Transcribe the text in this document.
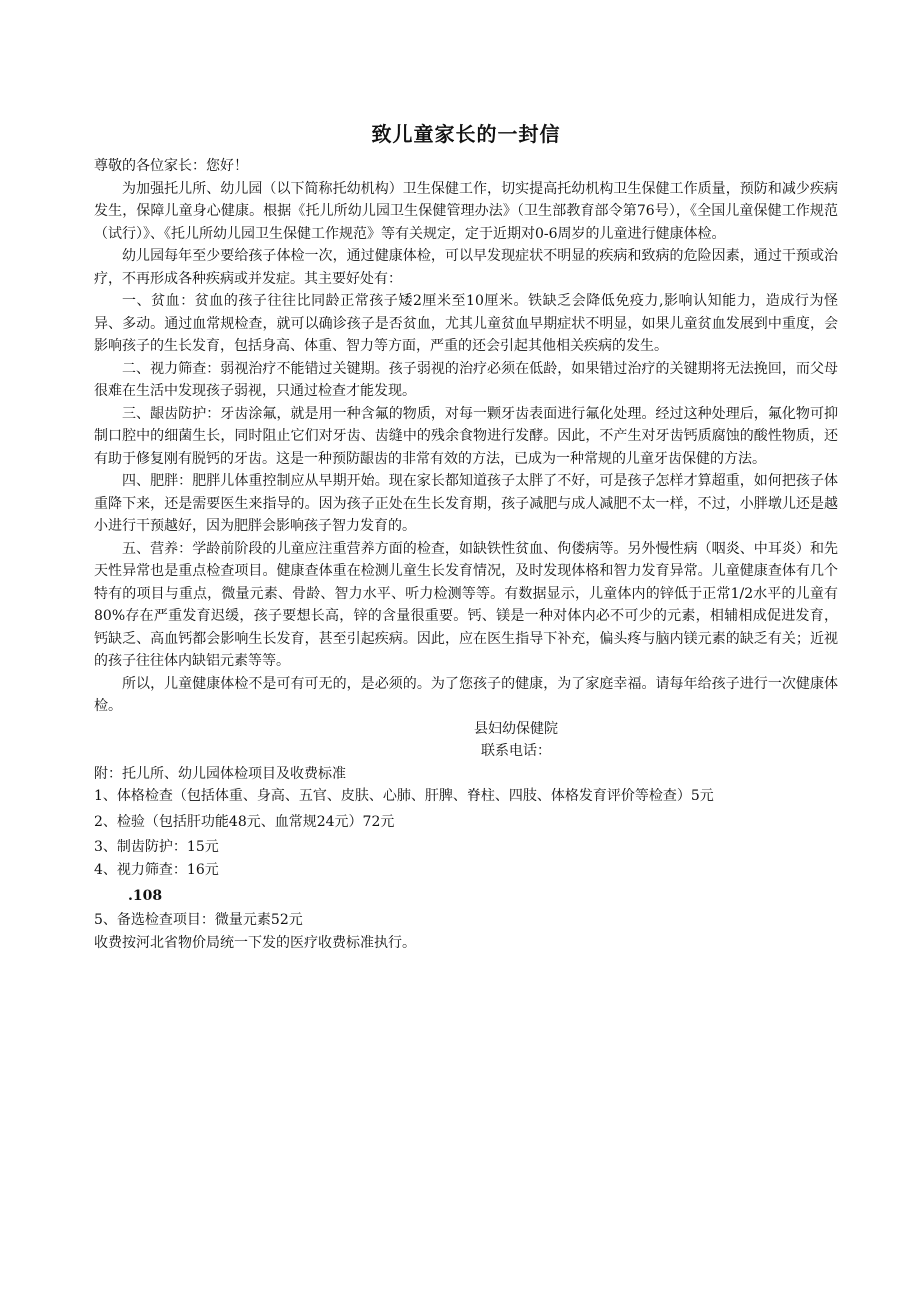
致儿童家长的一封信

尊敬的各位家长：您好！

为加强托儿所、幼儿园（以下简称托幼机构）卫生保健工作，切实提高托幼机构卫生保健工作质量，预防和减少疾病发生，保障儿童身心健康。根据《托儿所幼儿园卫生保健管理办法》（卫生部教育部令第76号），《全国儿童保健工作规范（试行）》、《托儿所幼儿园卫生保健工作规范》等有关规定，定于近期对0-6周岁的儿童进行健康体检。

幼儿园每年至少要给孩子体检一次，通过健康体检，可以早发现症状不明显的疾病和致病的危险因素，通过干预或治疗，不再形成各种疾病或并发症。其主要好处有：

一、贫血：贫血的孩子往往比同龄正常孩子矮2厘米至10厘米。铁缺乏会降低免疫力,影响认知能力，造成行为怪异、多动。通过血常规检查，就可以确诊孩子是否贫血，尤其儿童贫血早期症状不明显，如果儿童贫血发展到中重度，会影响孩子的生长发育，包括身高、体重、智力等方面，严重的还会引起其他相关疾病的发生。

二、视力筛查：弱视治疗不能错过关键期。孩子弱视的治疗必须在低龄，如果错过治疗的关键期将无法挽回，而父母很难在生活中发现孩子弱视，只通过检查才能发现。

三、龈齿防护：牙齿涂氟，就是用一种含氟的物质，对每一颗牙齿表面进行氟化处理。经过这种处理后，氟化物可抑制口腔中的细菌生长，同时阻止它们对牙齿、齿缝中的残余食物进行发酵。因此，不产生对牙齿钙质腐蚀的酸性物质，还有助于修复刚有脱钙的牙齿。这是一种预防龈齿的非常有效的方法，已成为一种常规的儿童牙齿保健的方法。

四、肥胖：肥胖儿体重控制应从早期开始。现在家长都知道孩子太胖了不好，可是孩子怎样才算超重，如何把孩子体重降下来，还是需要医生来指导的。因为孩子正处在生长发育期，孩子减肥与成人减肥不太一样，不过，小胖墩儿还是越小进行干预越好，因为肥胖会影响孩子智力发育的。

五、营养：学龄前阶段的儿童应注重营养方面的检查，如缺铁性贫血、佝偻病等。另外慢性病（咽炎、中耳炎）和先天性异常也是重点检查项目。健康查体重在检测儿童生长发育情况，及时发现体格和智力发育异常。儿童健康查体有几个特有的项目与重点，微量元素、骨龄、智力水平、听力检测等等。有数据显示，儿童体内的锌低于正常1/2水平的儿童有80%存在严重发育迟缓，孩子要想长高，锌的含量很重要。钙、镁是一种对体内必不可少的元素，相辅相成促进发育，钙缺乏、高血钙都会影响生长发育，甚至引起疾病。因此，应在医生指导下补充，偏头疼与脑内镁元素的缺乏有关；近视的孩子往往体内缺铝元素等等。

所以，儿童健康体检不是可有可无的，是必须的。为了您孩子的健康，为了家庭幸福。请每年给孩子进行一次健康体检。

县妇幼保健院

联系电话：

附：托儿所、幼儿园体检项目及收费标准

1、体格检查（包括体重、身高、五官、皮肤、心肺、肝脾、脊柱、四肢、体格发育评价等检查）5元

2、检验（包括肝功能48元、血常规24元）72元

3、制齿防护：15元

4、视力筛查：16元

.108

5、备选检查项目：微量元素52元

收费按河北省物价局统一下发的医疗收费标准执行。
